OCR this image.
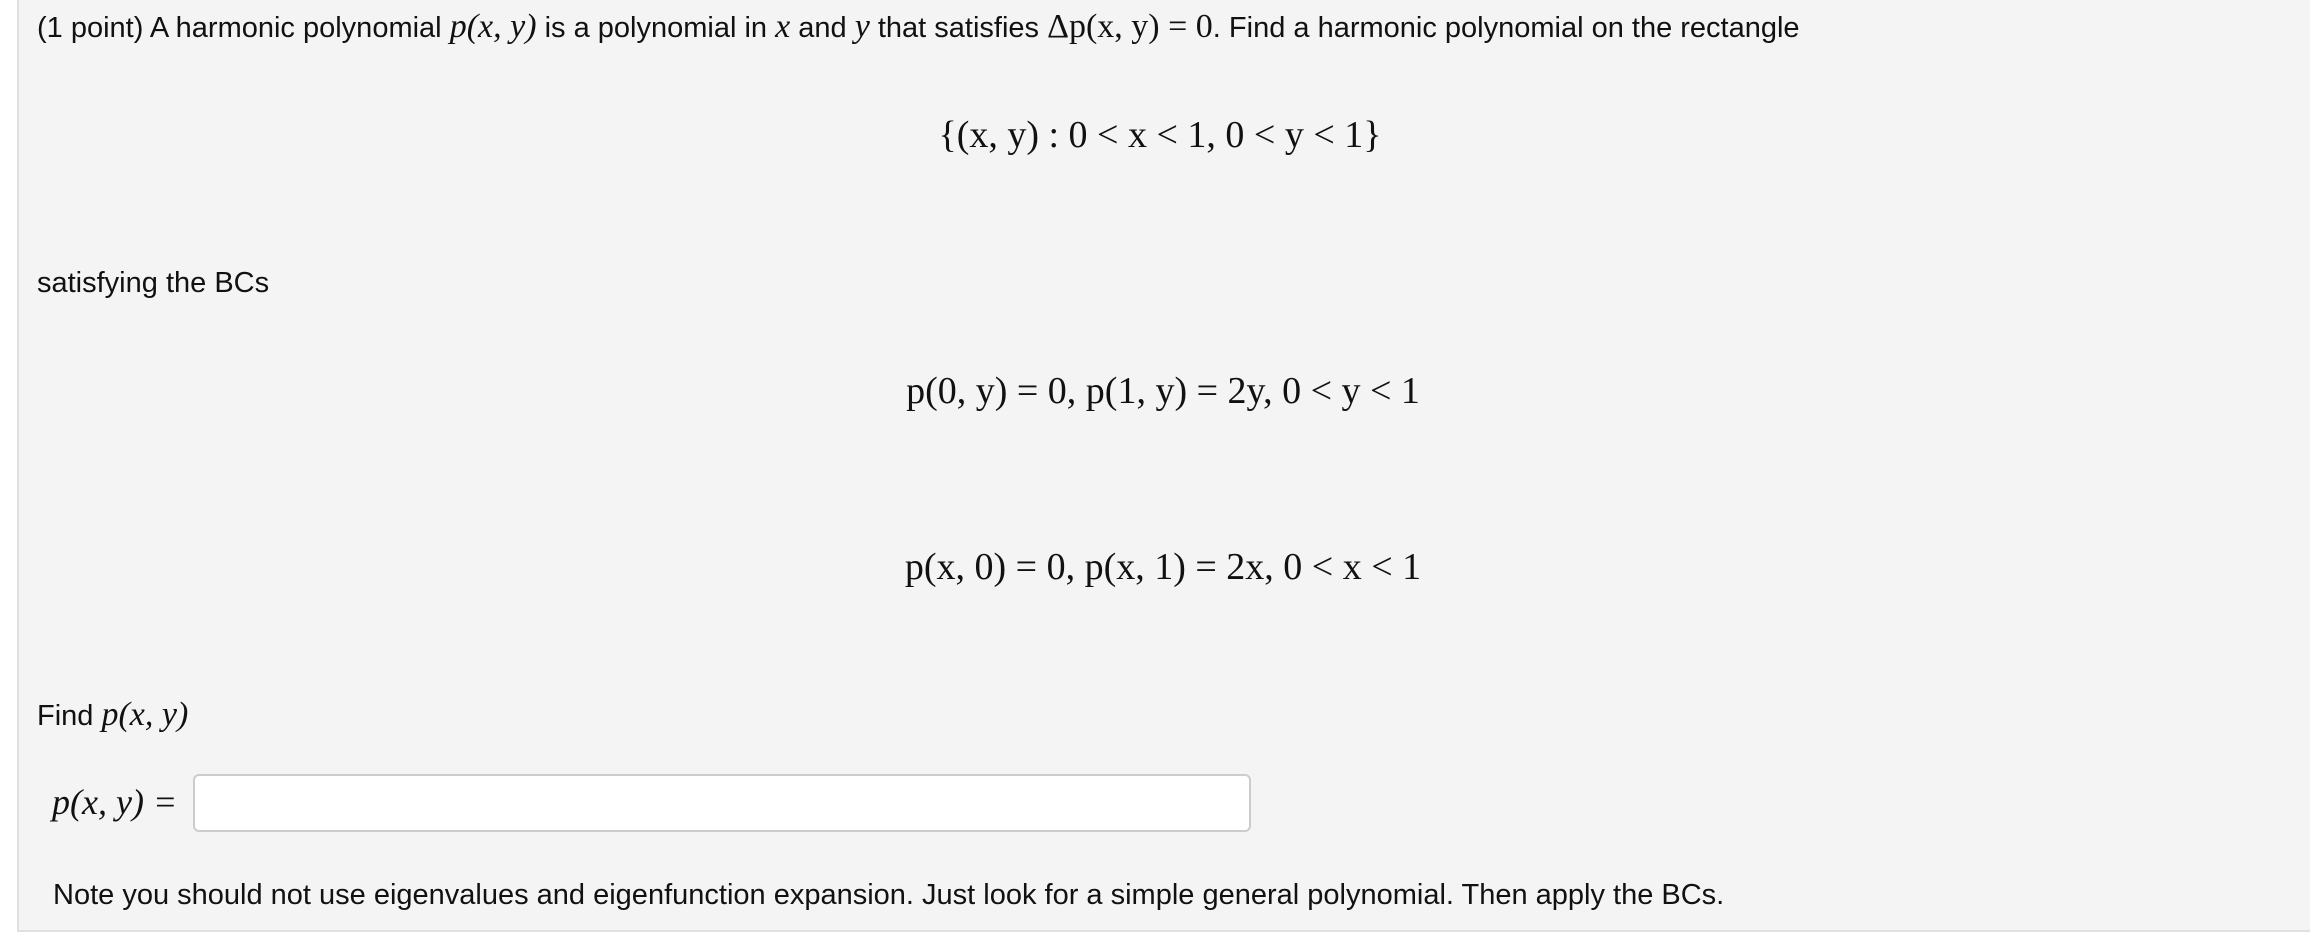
(1 point) A harmonic polynomial p(x, y) is a polynomial in x and y that satisfies Δp(x, y) = 0. Find a harmonic polynomial on the rectangle
{(x, y) : 0 < x < 1, 0 < y < 1}
satisfying the BCs
p(0, y) = 0, p(1, y) = 2y, 0 < y < 1
p(x, 0) = 0, p(x, 1) = 2x, 0 < x < 1
Find p(x, y)
p(x, y) =
Note you should not use eigenvalues and eigenfunction expansion. Just look for a simple general polynomial. Then apply the BCs.
